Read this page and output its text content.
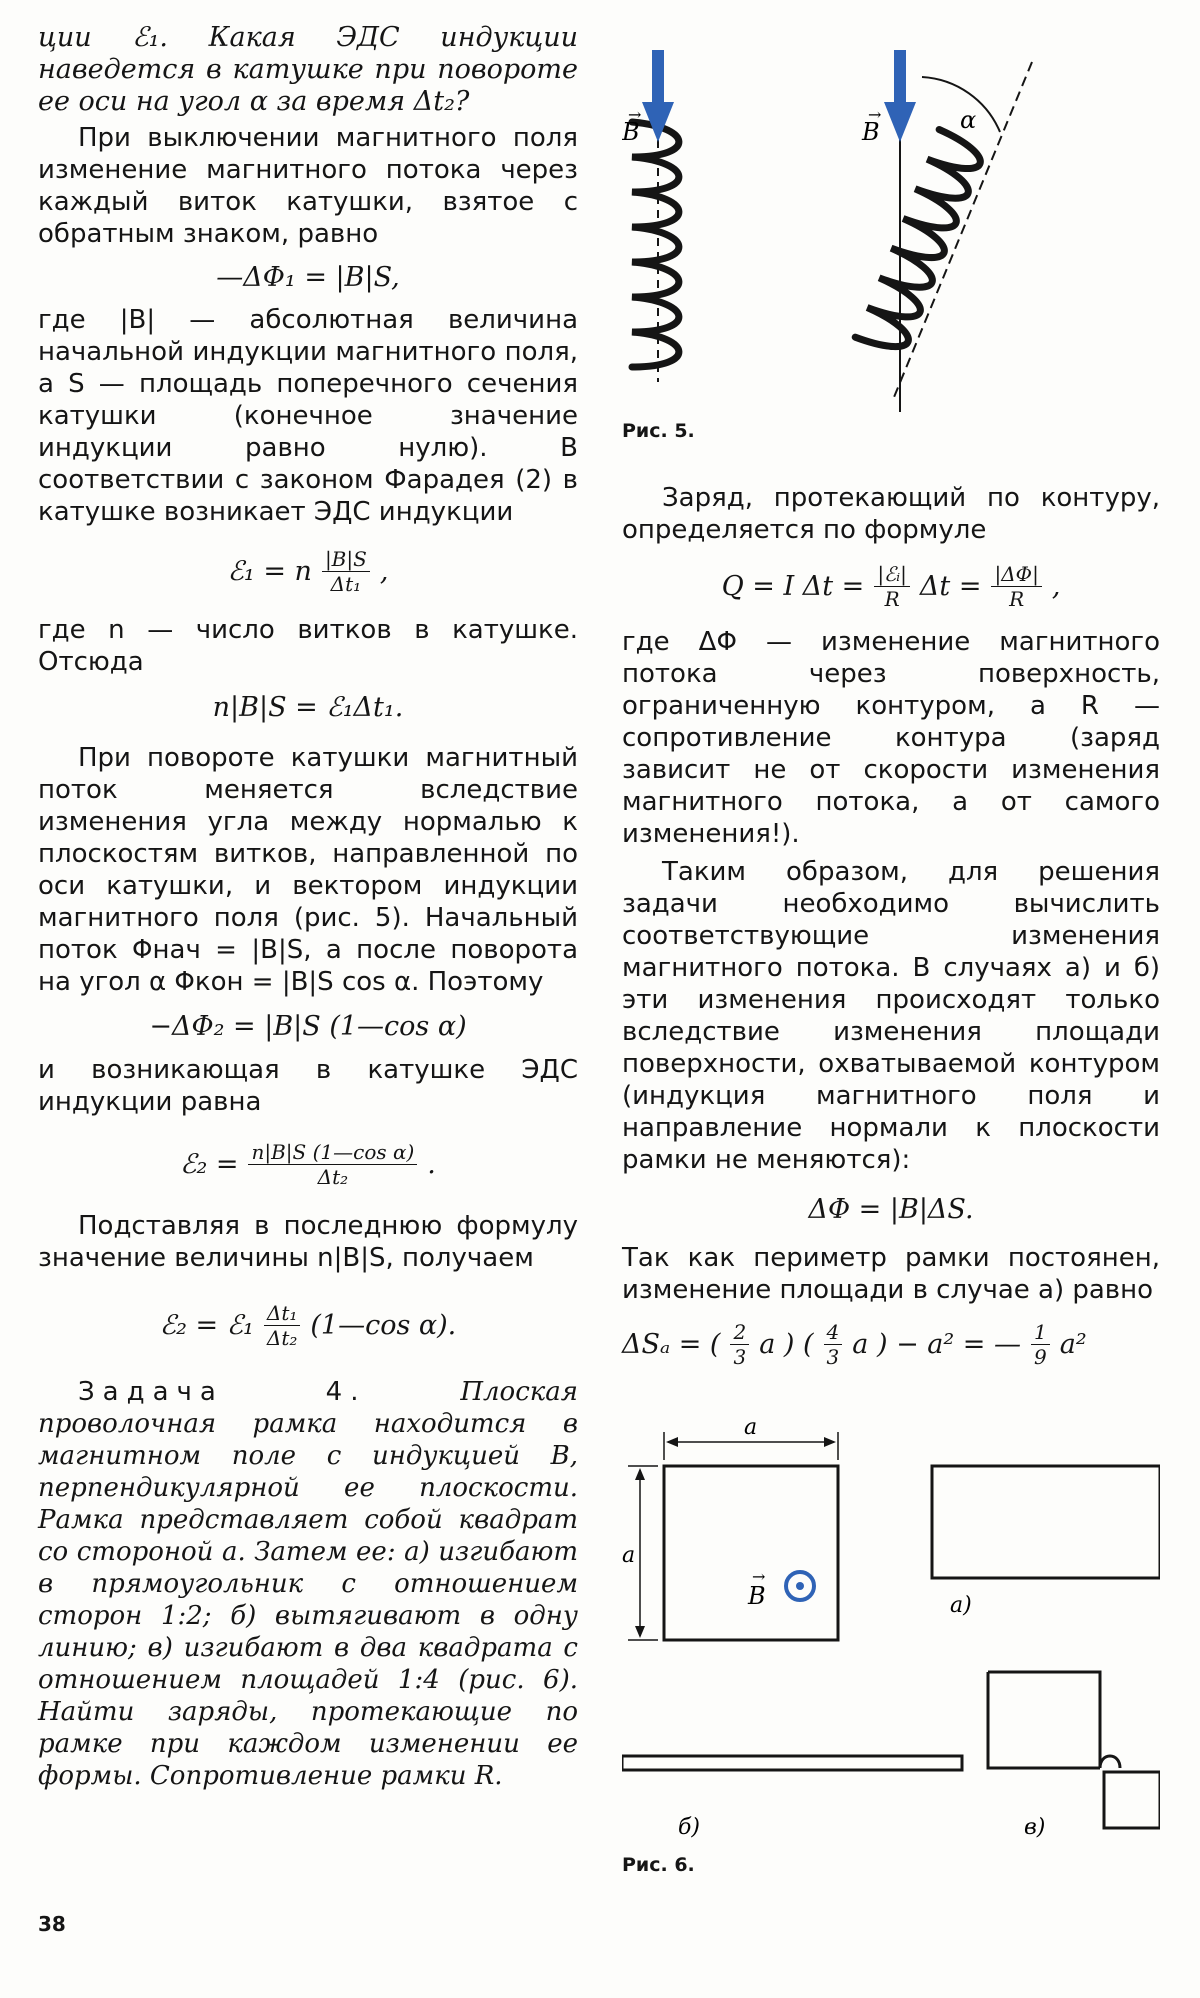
ции ℰ₁. Какая ЭДС индукции наведется в катушке при повороте ее оси на угол α за время Δt₂?

При выключении магнитного поля изменение магнитного потока через каждый виток катушки, взятое с обратным знаком, равно

—ΔΦ₁ = |B|S,

где |B| — абсолютная величина начальной индукции магнитного поля, а S — площадь поперечного сечения катушки (конечное значение индукции равно нулю). В соответствии с законом Фарадея (2) в катушке возникает ЭДС индукции

ℰ₁ = n $\frac{|B|S}{\text{Δt₁}}$ ,

где n — число витков в катушке. Отсюда

n|B|S = ℰ₁Δt₁.

При повороте катушки магнитный поток меняется вследствие изменения угла между нормалью к плоскостям витков, направленной по оси катушки, и вектором индукции магнитного поля (рис. 5). Начальный поток Φнач = |B|S, а после поворота на угол α Φкон = |B|S cos α. Поэтому

−ΔΦ₂ = |B|S (1—cos α)

и возникающая в катушке ЭДС индукции равна

ℰ₂ = $\frac{\text{n|B|S (1—cos α)}}{\text{Δt₂}}$ .

Подставляя в последнюю формулу значение величины n|B|S, получаем

ℰ₂ = ℰ₁ $\frac{\text{Δt₁}}{\text{Δt₂}}$ (1—cos α).

Задача 4.	Плоская проволочная рамка находится в магнитном поле с индукцией B, перпендикулярной ее плоскости. Рамка представляет собой квадрат со стороной a. Затем ее: а) изгибают в прямоугольник с отношением сторон 1:2; б) вытягивают в одну линию; в) изгибают в два квадрата с отношением площадей 1:4 (рис. 6). Найти заряды, протекающие по рамке при каждом изменении ее формы. Сопротивление рамки R.

B
→
B
→	α

Рис. 5.

Заряд, протекающий по контуру, определяется по формуле

Q = I $\Delta t = \frac{\text{|ℰᵢ|}}{R}$ $\Delta t = \frac{|\Delta\Phi|}{R}$ ,

где ΔΦ — изменение магнитного потока через поверхность, ограниченную контуром, а R — сопротивление контура (заряд зависит не от скорости изменения магнитного потока, а от самого изменения!).

Таким образом, для решения задачи необходимо вычислить соответствующие изменения магнитного потока. В случаях а) и б) эти изменения происходят только вследствие изменения площади поверхности, охватываемой контуром (индукция магнитного поля и направление нормали к плоскости рамки не меняются):

ΔΦ = |B|ΔS.

Так как периметр рамки постоянен, изменение площади в случае а) равно

ΔSₐ = ( $\frac{2}{3}$ a ) ( $\frac{4}{3}$ a ) − a² = — $\frac{1}{9} a^2$
a
a
B
→
а)
б)	в)

Рис. 6.

38
